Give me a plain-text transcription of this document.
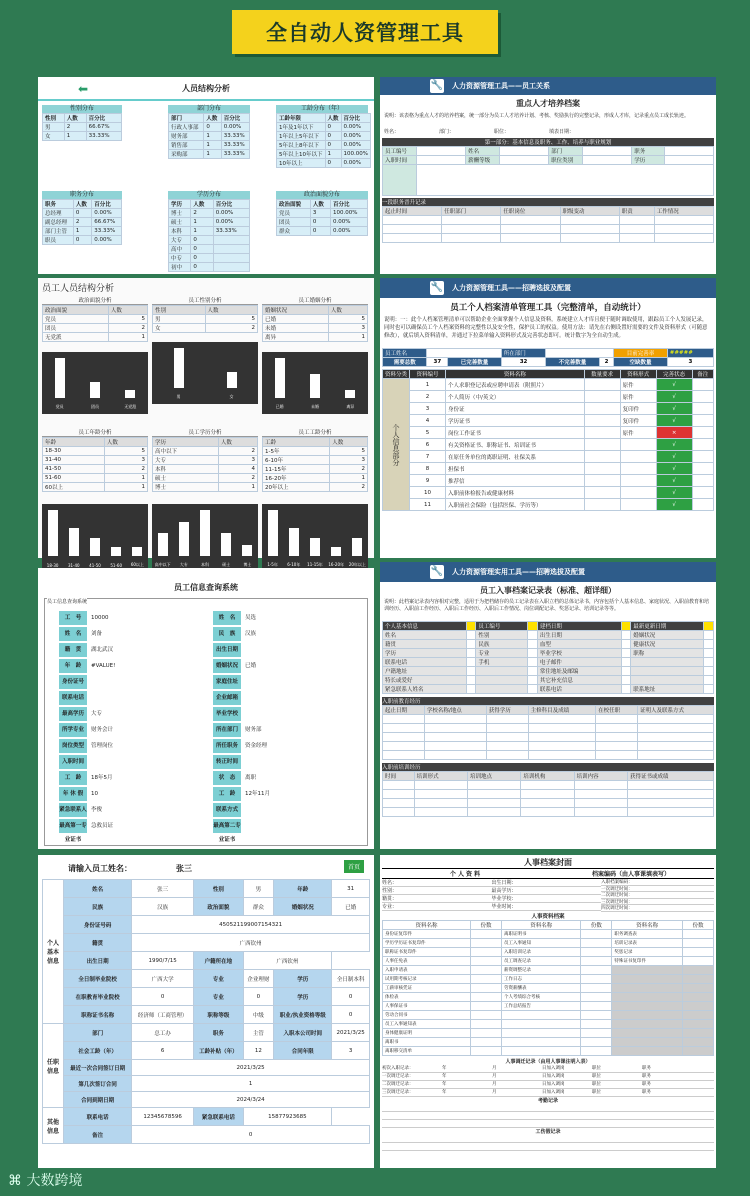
全自动人资管理工具
⬅	人员结构分析
性别分布
性别	人数	百分比
男	2	66.67%
女	1	33.33%
部门分布
部门	人数	百分比
行政人事部	0	0.00%
财务部	1	33.33%
销售部	1	33.33%
采购部	1	33.33%
工龄分布（年）
工龄年限	人数	百分比
1年及1年以下	0	0.00%
1年以上5年以下	0	0.00%
5年以上8年以下	0	0.00%
5年以上10年以下	1	100.00%
10年以上	0	0.00%
职务分布
职务	人数	百分比
总经理	0	0.00%
副总经理	2	66.67%
部门主管	1	33.33%
职员	0	0.00%
学历分布
学历	人数	百分比
博士	2	0.00%
硕士	1	0.00%
本科	1	33.33%
大专	0	
高中	0	
中专	0	
初中	0	
政治面貌分布
政治面貌	人数	百分比
党员	3	100.00%
团员	0	0.00%
群众	0	0.00%
🔧 人力资源管理工具——员工关系
重点人才培养档案
说明：该表格为重点人才的培养档案，统一部分为员工人才培养计划、考核、奖励执行的完整记录，形成人才库，记录重点员工成长轨迹。
姓名：	部门：	职位：	填表日期：
第一部分：基本信息及职务、工作、培养与职业规划
员工编号		姓名		部门		职务	
入职时间		薪酬等级		职位类别		学历	

一段职务晋升记录
起止时间	任职部门	任职岗位	职级变动	职责	工作情况

员工人员结构分析
政治面貌分析
政治面貌	人数
党员	5
团员	2
无党派	1
党员	团员	无党派
员工性别分析
性别	人数
男	5
女	2
男	女
员工婚姻分析
婚姻状况	人数
已婚	5
未婚	3
离异	1
已婚	未婚	离异
员工年龄分析
年龄	人数
18-30	5
31-40	3
41-50	2
51-60	1
60以上	1
18-30	31-40	41-50	51-60	60以上
员工学历分析
学历	人数
高中以下	2
大专	3
本科	4
硕士	2
博士	1
高中以下	大专	本科	硕士	博士
员工工龄分析
工龄	人数
1-5年	5
6-10年	3
11-15年	2
16-20年	1
20年以上	2
1-5年	6-10年	11-15年	16-20年	20年以上
🔧 人力资源管理工具——招聘选拔及配置
员工个人档案清单管理工具（完整清单，自动统计）
说明：一：此个人档案管理清单可以帮助企业全面掌握个人信息及资料，系统建立人才库且便于随时调取使用，跟踪员工个人发展记录，同时也可以确保员工个人档案资料的完整性以及安全性，保护员工的权益。使用方法：请先在右侧设置好需要的文件及资料形式（可随意修改），就后填入资料清单，并通过下拉菜单输入资料形式及完善状态即可。统计数字为全自动生成。
员工姓名			所在部门			目前完善率	#####
需要总数	37	已完善数量	32	不完善数量	2	空缺数量	3
资料分类	资料编号	资料名称	数量要求	资料形式	完善状态	备注
个人信息部分	1	个人求职登记表或应聘申请表（附照片）		原件	√	
	2	个人简历（中/英文）		原件	√	
	3	身份证		复印件	√	
	4	学历证书		复印件	√	
	5	岗位工作证书		原件	×	
	6	有关资格证书、职称证书、培训证书			√	
	7	在原任务单位的离职证明、社保关系			√	
	8	担保书			√	
	9	推荐信			√	
	10	入职前体检报告或健康材料			√	
	11	入职前社会保险（包括医保、学历等）			√	
员工信息查询系统
员工信息查询系统
工　号	10000
姓　名	刘备
籍　贯	湖北武汉
年　龄	#VALUE!
身份证号
联系电话
最高学历	大专
所学专业	财务会计
岗位类型	管理岗位
入职时间
工　龄	18年5月
年 休 假	10
紧急联系人 李俊
最高第一专业证书
急救员证
姓　名	吴选
民　族	汉族
出生日期
婚姻状况	已婚
家庭住址
企业邮箱
毕业学校
所在部门	财务部
所任职务	资金经理
转正时间
状　态	离职
工　龄	12年11月
联系方式
最高第二专业证书
🔧 人力资源管理实用工具——招聘选拔及配置
员工入事档案记录表（标准、超详细）
说明：此档案记录表内容相对完整，适用于为把档储存的员工记录表在入职立档的总体记录书，内容包括个人基本信息、家庭状况、入职前教育和培训经历、入职前工作经历、入职后工作经历、入职后工作情况、岗位调配记录、奖惩记录、培训记录等等。
个人基本信息		员工编号		建档日期		最新更新日期	
姓名		性别		出生日期		婚姻状况	
籍贯		民族		血型		健康状况	
学历		专业		毕业学校		职称	
联系电话		手机		电子邮件			
户籍地址				常住地址及邮编			
特长或爱好				其它补充信息			
紧急联系人姓名				联系电话		联系地址	
入职前教育经历
起止日期	学校名称/地点	获得学历	主修科目及成绩	在校任职	证明人及联系方式

入职前培训经历
时间	培训形式	培训地点	培训机构	培训内容	获得证书或成绩

请输入员工姓名：	张三	首页
个人基本信息	姓名	张三	性别	男	年龄	31
	民族	汉族	政治面貌	群众	婚姻状况	已婚
	身份证号码	450521199007154321				
	籍贯	广西钦州				
	出生日期	1990/7/15	户籍所在地	广西钦州		
	全日制毕业院校	广西大学	专业	企业理财	学历	全日制本科
	在职教育毕业院校	0	专业	0	学历	0
	职称证书名称	经济师（工商管理）	职称等级	中级	职业/执业资格等级	0
任职信息	部门	总工办	职务	主管	入职本公司时间	2021/3/25
	社会工龄（年）	6	工龄补贴（年）	12	合同年限	3
	最近一次合同签订日期	2021/3/25				
	第几次签订合同	1				
	合同到期日期	2024/3/24				
其他信息	联系电话	12345678596	紧急联系电话	15877923685		
	备注	0				
人事档案封面
个 人 资 料	档案编码（由人事课填表写）
姓名：
性别：
籍贯：
专业：
出生日期：
最高学历：
毕业学校：
毕业时间：
入职档案编码：
一次调迁时间：
二次调迁时间：
三次调迁时间：
四次调迁时间：
人事资料档案
资料名称	份数	资料名称	份数	资料名称	份数
身份证复印件		离职证明书		职务调查表	
学历学历证书复印件		员工入事通知		培训记录表	
职称证书复印件		入职培训记录		奖惩记录	
人事任免表		员工调查记录		特殊证书复印件	
入职申请表		薪资调整记录			
试用期考核记录		工作日志			
工薪审核凭证		劳资薪酬表			
体检表		个人考绩综合考核			
人事保证书		工作总结报告			
劳动合同书					
员工入事通知表					
身体健康证明					
离职书					
离职移交清单					
人事调迁记录（由用人事课注明入表）
初次入职记录：	年	月	日加入调岗	职位	职务
一次调迁记录：	年	月	日加入调岗	职位	职务
二次调迁记录：	年	月	日加入调岗	职位	职务
三次调迁记录：	年	月	日加入调岗	职位	职务
考勤记录
工伤假记录
⌘ 大数跨境
